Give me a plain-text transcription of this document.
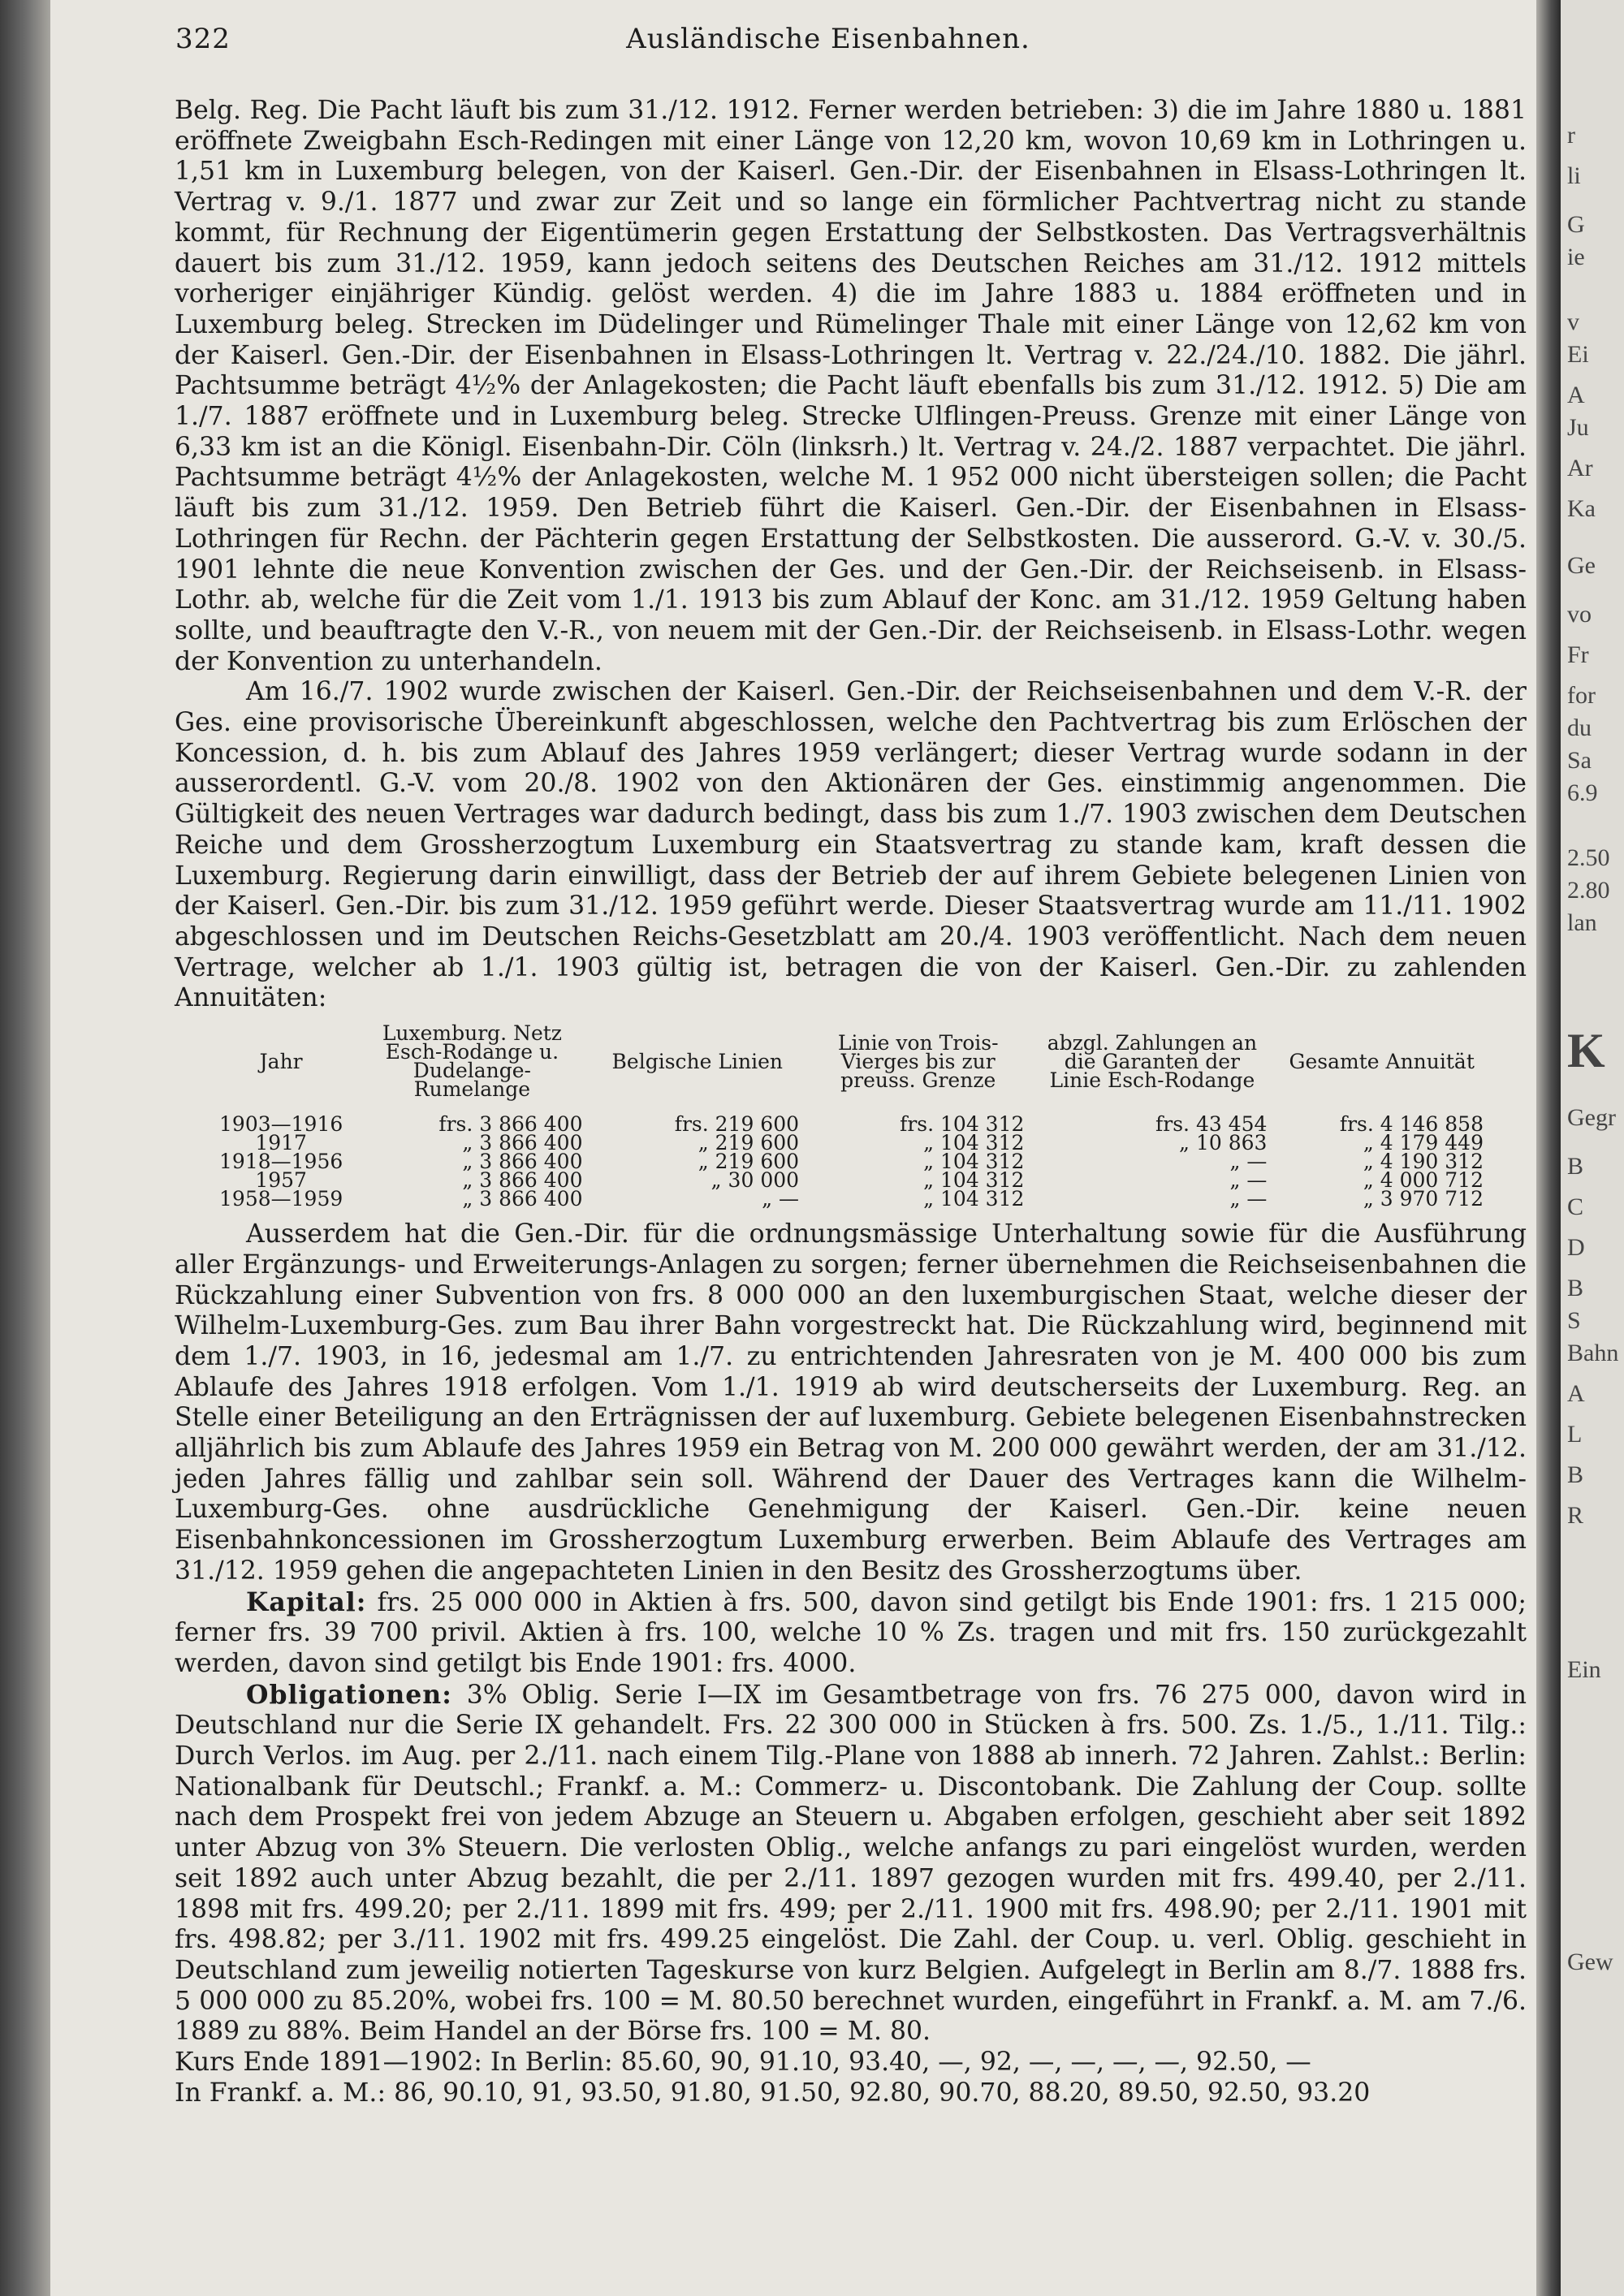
322	Ausländische Eisenbahnen.

Belg. Reg. Die Pacht läuft bis zum 31./12. 1912. Ferner werden betrieben: 3) die im Jahre 1880 u. 1881 eröffnete Zweigbahn Esch-Redingen mit einer Länge von 12,20 km, wovon 10,69 km in Lothringen u. 1,51 km in Luxemburg belegen, von der Kaiserl. Gen.-Dir. der Eisenbahnen in Elsass-Lothringen lt. Vertrag v. 9./1. 1877 und zwar zur Zeit und so lange ein förmlicher Pachtvertrag nicht zu stande kommt, für Rechnung der Eigentümerin gegen Erstattung der Selbstkosten. Das Vertragsverhältnis dauert bis zum 31./12. 1959, kann jedoch seitens des Deutschen Reiches am 31./12. 1912 mittels vorheriger einjähriger Kündig. gelöst werden. 4) die im Jahre 1883 u. 1884 eröffneten und in Luxemburg beleg. Strecken im Düdelinger und Rümelinger Thale mit einer Länge von 12,62 km von der Kaiserl. Gen.-Dir. der Eisenbahnen in Elsass-Lothringen lt. Vertrag v. 22./24./10. 1882. Die jährl. Pachtsumme beträgt 4½% der Anlagekosten; die Pacht läuft ebenfalls bis zum 31./12. 1912. 5) Die am 1./7. 1887 eröffnete und in Luxemburg beleg. Strecke Ulflingen-Preuss. Grenze mit einer Länge von 6,33 km ist an die Königl. Eisenbahn-Dir. Cöln (linksrh.) lt. Vertrag v. 24./2. 1887 verpachtet. Die jährl. Pachtsumme beträgt 4½% der Anlagekosten, welche M. 1 952 000 nicht übersteigen sollen; die Pacht läuft bis zum 31./12. 1959. Den Betrieb führt die Kaiserl. Gen.-Dir. der Eisenbahnen in Elsass-Lothringen für Rechn. der Pächterin gegen Erstattung der Selbstkosten. Die ausserord. G.-V. v. 30./5. 1901 lehnte die neue Konvention zwischen der Ges. und der Gen.-Dir. der Reichseisenb. in Elsass-Lothr. ab, welche für die Zeit vom 1./1. 1913 bis zum Ablauf der Konc. am 31./12. 1959 Geltung haben sollte, und beauftragte den V.-R., von neuem mit der Gen.-Dir. der Reichseisenb. in Elsass-Lothr. wegen der Konvention zu unterhandeln.

Am 16./7. 1902 wurde zwischen der Kaiserl. Gen.-Dir. der Reichseisenbahnen und dem V.-R. der Ges. eine provisorische Übereinkunft abgeschlossen, welche den Pachtvertrag bis zum Erlöschen der Koncession, d. h. bis zum Ablauf des Jahres 1959 verlängert; dieser Vertrag wurde sodann in der ausserordentl. G.-V. vom 20./8. 1902 von den Aktionären der Ges. einstimmig angenommen. Die Gültigkeit des neuen Vertrages war dadurch bedingt, dass bis zum 1./7. 1903 zwischen dem Deutschen Reiche und dem Grossherzogtum Luxemburg ein Staatsvertrag zu stande kam, kraft dessen die Luxemburg. Regierung darin einwilligt, dass der Betrieb der auf ihrem Gebiete belegenen Linien von der Kaiserl. Gen.-Dir. bis zum 31./12. 1959 geführt werde. Dieser Staatsvertrag wurde am 11./11. 1902 abgeschlossen und im Deutschen Reichs-Gesetzblatt am 20./4. 1903 veröffentlicht. Nach dem neuen Vertrage, welcher ab 1./1. 1903 gültig ist, betragen die von der Kaiserl. Gen.-Dir. zu zahlenden Annuitäten:

Jahr	Luxemburg. Netz Esch-Rodange u. Dudelange-Rumelange	Belgische Linien	Linie von Trois-Vierges bis zur preuss. Grenze	abzgl. Zahlungen an die Garanten der Linie Esch-Rodange	Gesamte Annuität
1903—1916	frs. 3 866 400	frs. 219 600	frs. 104 312	frs. 43 454	frs. 4 146 858
1917	„ 3 866 400	„ 219 600	„ 104 312	„ 10 863	„ 4 179 449
1918—1956	„ 3 866 400	„ 219 600	„ 104 312	„ —	„ 4 190 312
1957	„ 3 866 400	„ 30 000	„ 104 312	„ —	„ 4 000 712
1958—1959	„ 3 866 400	„ —	„ 104 312	„ —	„ 3 970 712

Ausserdem hat die Gen.-Dir. für die ordnungsmässige Unterhaltung sowie für die Ausführung aller Ergänzungs- und Erweiterungs-Anlagen zu sorgen; ferner übernehmen die Reichseisenbahnen die Rückzahlung einer Subvention von frs. 8 000 000 an den luxemburgischen Staat, welche dieser der Wilhelm-Luxemburg-Ges. zum Bau ihrer Bahn vorgestreckt hat. Die Rückzahlung wird, beginnend mit dem 1./7. 1903, in 16, jedesmal am 1./7. zu entrichtenden Jahresraten von je M. 400 000 bis zum Ablaufe des Jahres 1918 erfolgen. Vom 1./1. 1919 ab wird deutscherseits der Luxemburg. Reg. an Stelle einer Beteiligung an den Erträgnissen der auf luxemburg. Gebiete belegenen Eisenbahnstrecken alljährlich bis zum Ablaufe des Jahres 1959 ein Betrag von M. 200 000 gewährt werden, der am 31./12. jeden Jahres fällig und zahlbar sein soll. Während der Dauer des Vertrages kann die Wilhelm-Luxemburg-Ges. ohne ausdrückliche Genehmigung der Kaiserl. Gen.-Dir. keine neuen Eisenbahnkoncessionen im Grossherzogtum Luxemburg erwerben. Beim Ablaufe des Vertrages am 31./12. 1959 gehen die angepachteten Linien in den Besitz des Grossherzogtums über.

Kapital: frs. 25 000 000 in Aktien à frs. 500, davon sind getilgt bis Ende 1901: frs. 1 215 000; ferner frs. 39 700 privil. Aktien à frs. 100, welche 10 % Zs. tragen und mit frs. 150 zurückgezahlt werden, davon sind getilgt bis Ende 1901: frs. 4000.

Obligationen: 3% Oblig. Serie I—IX im Gesamtbetrage von frs. 76 275 000, davon wird in Deutschland nur die Serie IX gehandelt. Frs. 22 300 000 in Stücken à frs. 500. Zs. 1./5., 1./11. Tilg.: Durch Verlos. im Aug. per 2./11. nach einem Tilg.-Plane von 1888 ab innerh. 72 Jahren. Zahlst.: Berlin: Nationalbank für Deutschl.; Frankf. a. M.: Commerz- u. Discontobank. Die Zahlung der Coup. sollte nach dem Prospekt frei von jedem Abzuge an Steuern u. Abgaben erfolgen, geschieht aber seit 1892 unter Abzug von 3% Steuern. Die verlosten Oblig., welche anfangs zu pari eingelöst wurden, werden seit 1892 auch unter Abzug bezahlt, die per 2./11. 1897 gezogen wurden mit frs. 499.40, per 2./11. 1898 mit frs. 499.20; per 2./11. 1899 mit frs. 499; per 2./11. 1900 mit frs. 498.90; per 2./11. 1901 mit frs. 498.82; per 3./11. 1902 mit frs. 499.25 eingelöst. Die Zahl. der Coup. u. verl. Oblig. geschieht in Deutschland zum jeweilig notierten Tageskurse von kurz Belgien. Aufgelegt in Berlin am 8./7. 1888 frs. 5 000 000 zu 85.20%, wobei frs. 100 = M. 80.50 berechnet wurden, eingeführt in Frankf. a. M. am 7./6. 1889 zu 88%. Beim Handel an der Börse frs. 100 = M. 80.

Kurs Ende 1891—1902: In Berlin: 85.60, 90, 91.10, 93.40, —, 92, —, —, —, —, 92.50, —

In Frankf. a. M.: 86, 90.10, 91, 93.50, 91.80, 91.50, 92.80, 90.70, 88.20, 89.50, 92.50, 93.20

r
li
G
ie
v
Ei
A
Ju
Ar
Ka
Ge
vo
Fr
for
du
Sa
6.9
2.50
2.80
lan
K
Gegr
B
C
D
B
S
Bahn
A
L
B
R
Ein
Gew
